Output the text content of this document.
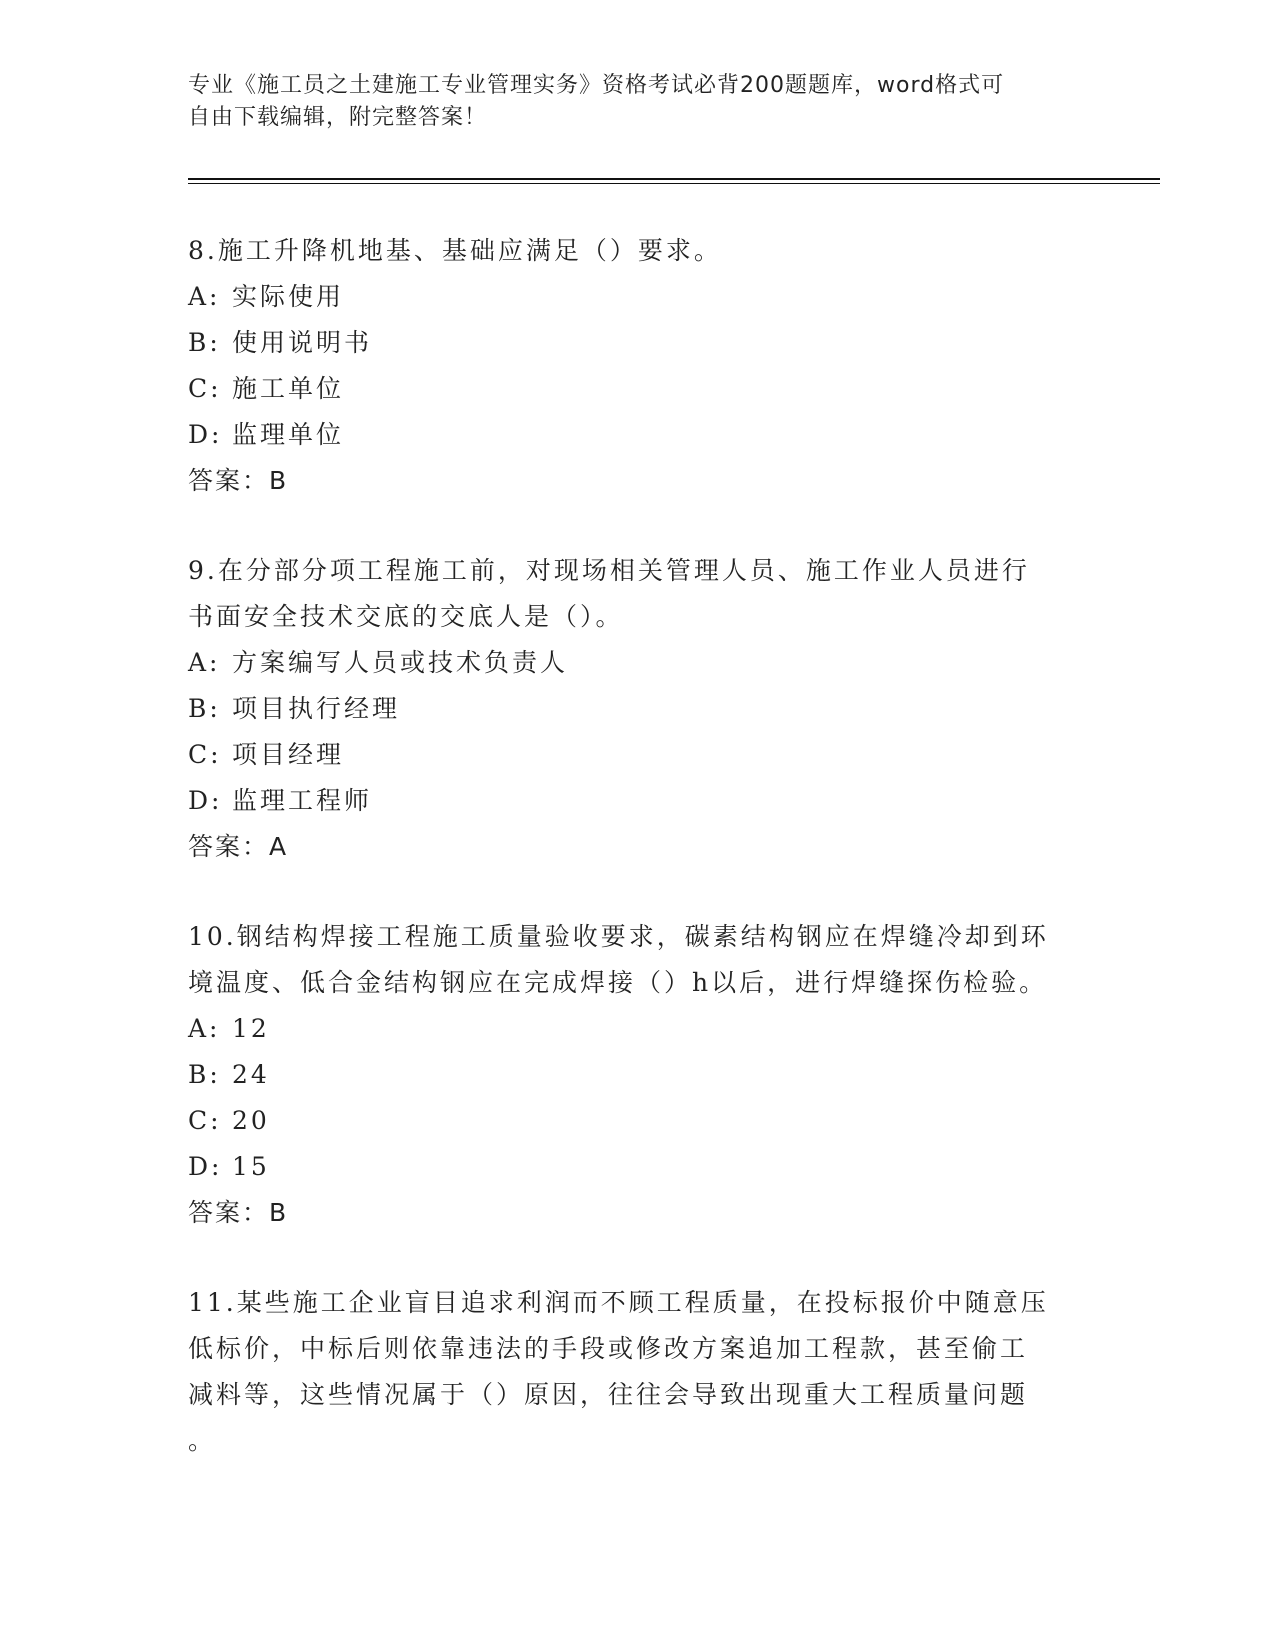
专业《施工员之土建施工专业管理实务》资格考试必背200题题库，word格式可
自由下载编辑，附完整答案！

8.施工升降机地基、基础应满足（）要求。

A: 实际使用

B: 使用说明书

C: 施工单位

D: 监理单位

答案：B

9.在分部分项工程施工前，对现场相关管理人员、施工作业人员进行

书面安全技术交底的交底人是（）。

A: 方案编写人员或技术负责人

B: 项目执行经理

C: 项目经理

D: 监理工程师

答案：A

10.钢结构焊接工程施工质量验收要求，碳素结构钢应在焊缝冷却到环

境温度、低合金结构钢应在完成焊接（）h以后，进行焊缝探伤检验。

A: 12

B: 24

C: 20

D: 15

答案：B

11.某些施工企业盲目追求利润而不顾工程质量，在投标报价中随意压

低标价，中标后则依靠违法的手段或修改方案追加工程款，甚至偷工

减料等，这些情况属于（）原因，往往会导致出现重大工程质量问题

。
